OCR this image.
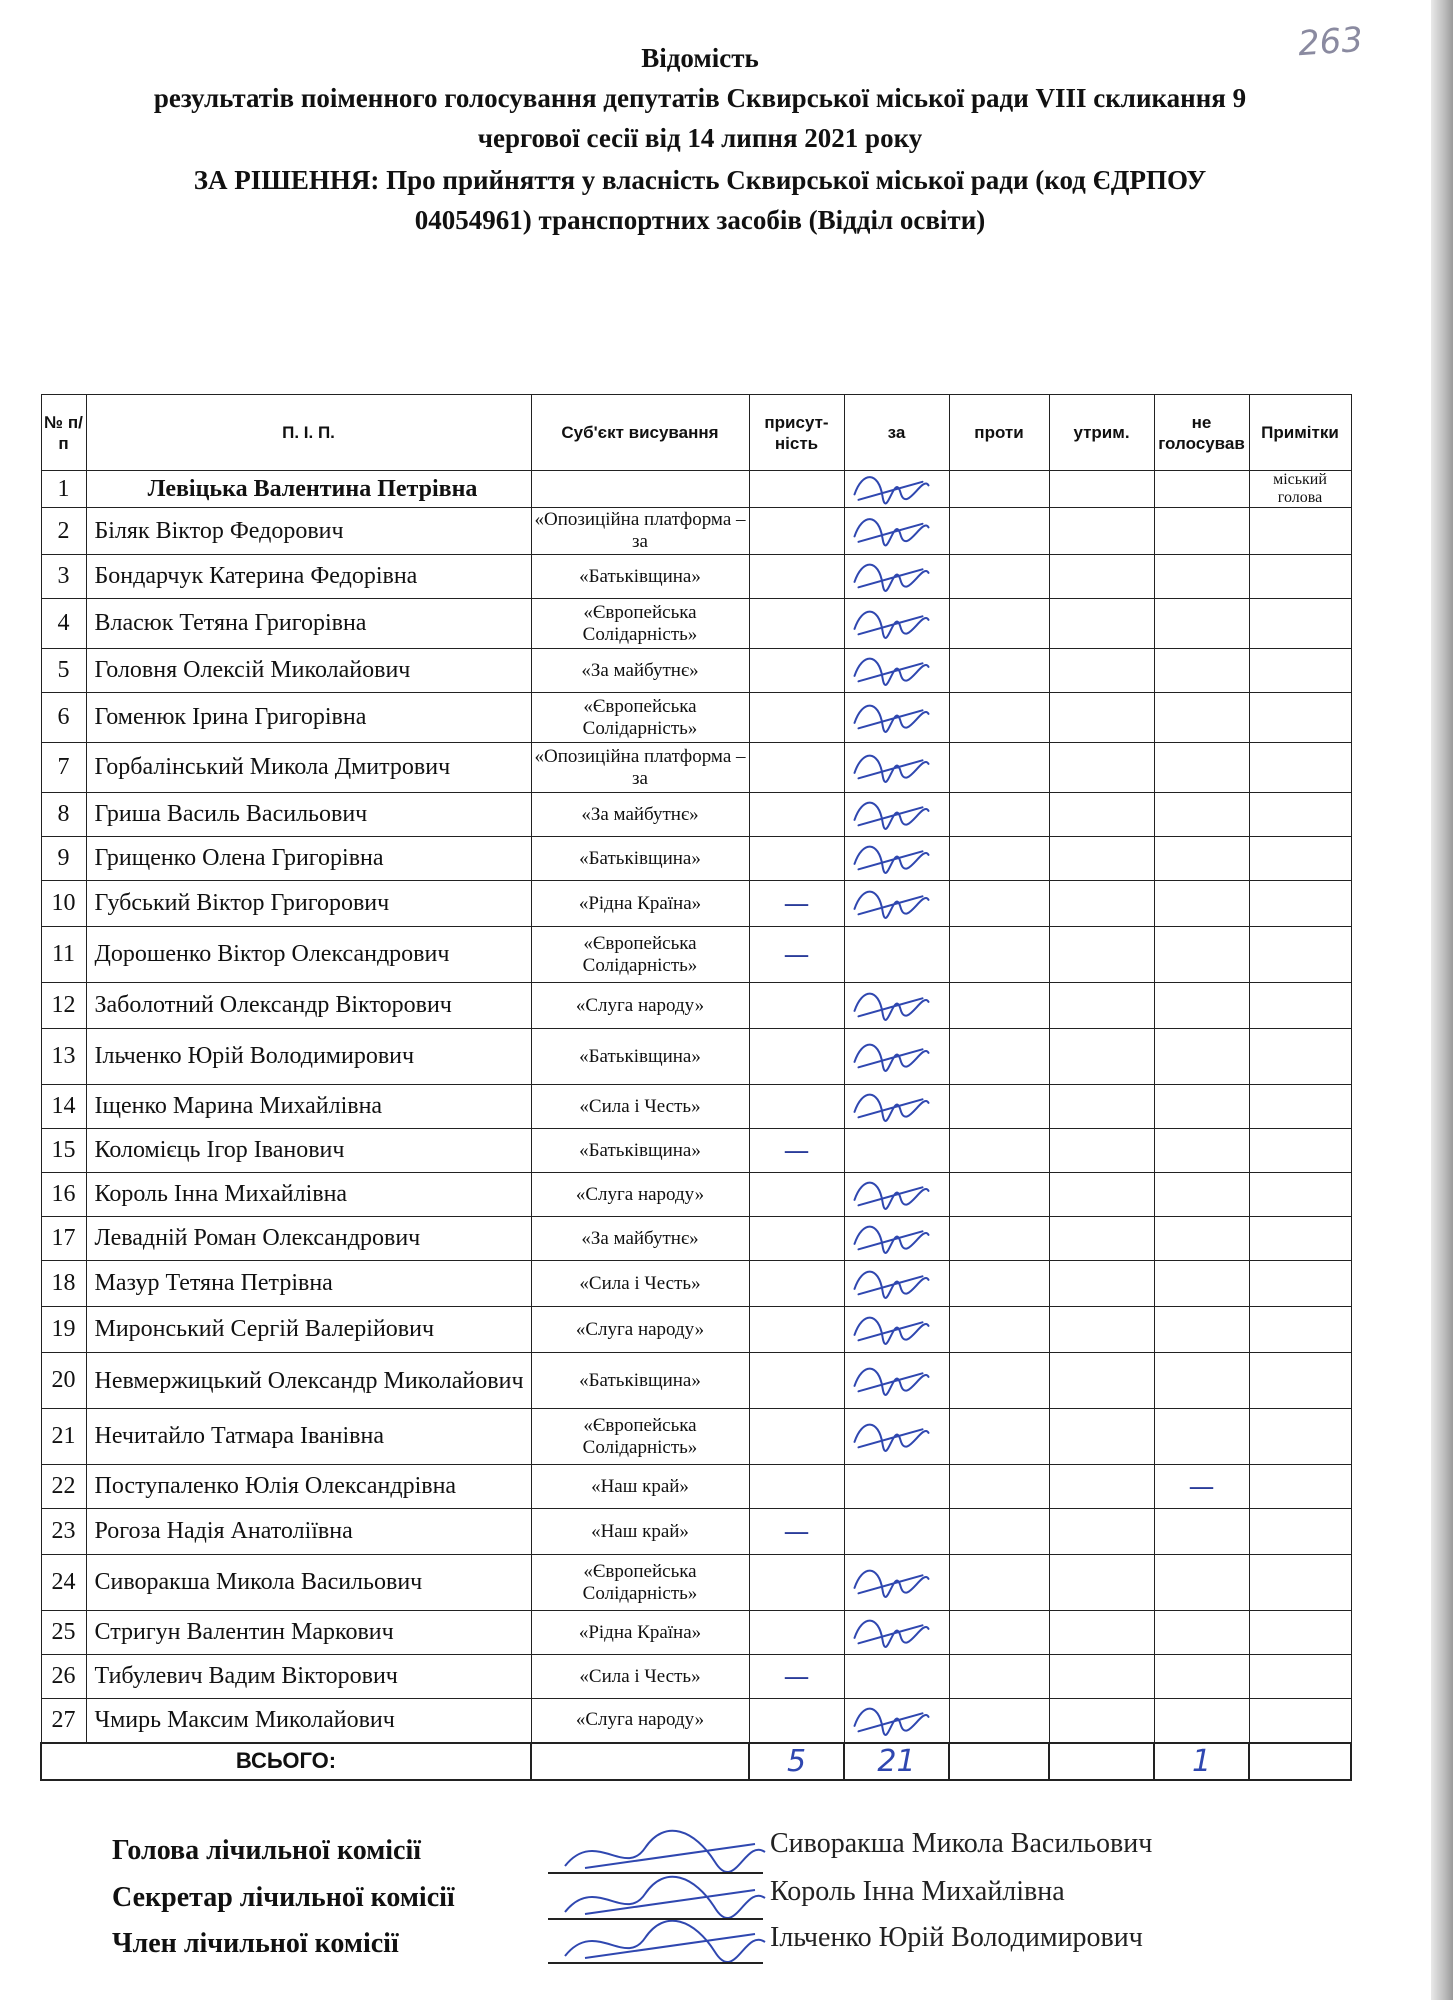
263
Відомість
результатів поіменного голосування депутатів Сквирської міської ради VIII скликання 9
чергової сесії від 14 липня 2021 року
ЗА РІШЕННЯ: Про прийняття у власність Сквирської міської ради (код ЄДРПОУ
04054961) транспортних засобів (Відділ освіти)
№ п/п	П. І. П.	Суб'єкт висування	присут-ність	за	проти	утрим.	не голосував	Примітки
1	Левіцька Валентина Петрівна							міський голова
2	Біляк Віктор Федорович	«Опозиційна платформа – за						
3	Бондарчук Катерина Федорівна	«Батьківщина»						
4	Власюк Тетяна Григорівна	«Європейська Солідарність»						
5	Головня Олексій Миколайович	«За майбутнє»						
6	Гоменюк Ірина Григорівна	«Європейська Солідарність»						
7	Горбалінський Микола Дмитрович	«Опозиційна платформа – за						
8	Гриша Василь Васильович	«За майбутнє»						
9	Грищенко Олена Григорівна	«Батьківщина»						
10	Губський Віктор Григорович	«Рідна Країна»	—					
11	Дорошенко Віктор Олександрович	«Європейська Солідарність»	—					
12	Заболотний Олександр Вікторович	«Слуга народу»						
13	Ільченко Юрій Володимирович	«Батьківщина»						
14	Іщенко Марина Михайлівна	«Сила і Честь»						
15	Коломієць Ігор Іванович	«Батьківщина»	—					
16	Король Інна Михайлівна	«Слуга народу»						
17	Левадній Роман Олександрович	«За майбутнє»						
18	Мазур Тетяна Петрівна	«Сила і Честь»						
19	Миронський Сергій Валерійович	«Слуга народу»						
20	Невмержицький Олександр Миколайович	«Батьківщина»						
21	Нечитайло Татмара Іванівна	«Європейська Солідарність»						
22	Поступаленко Юлія Олександрівна	«Наш край»					—	
23	Рогоза Надія Анатоліївна	«Наш край»	—					
24	Сиворакша Микола Васильович	«Європейська Солідарність»						
25	Стригун Валентин Маркович	«Рідна Країна»						
26	Тибулевич Вадим Вікторович	«Сила і Честь»	—					
27	Чмирь Максим Миколайович	«Слуга народу»						
ВСЬОГО:			5	21			1	
Голова лічильної комісії	Сиворакша Микола Васильович
Секретар лічильної комісії	Король Інна Михайлівна
Член лічильної комісії	Ільченко Юрій Володимирович
